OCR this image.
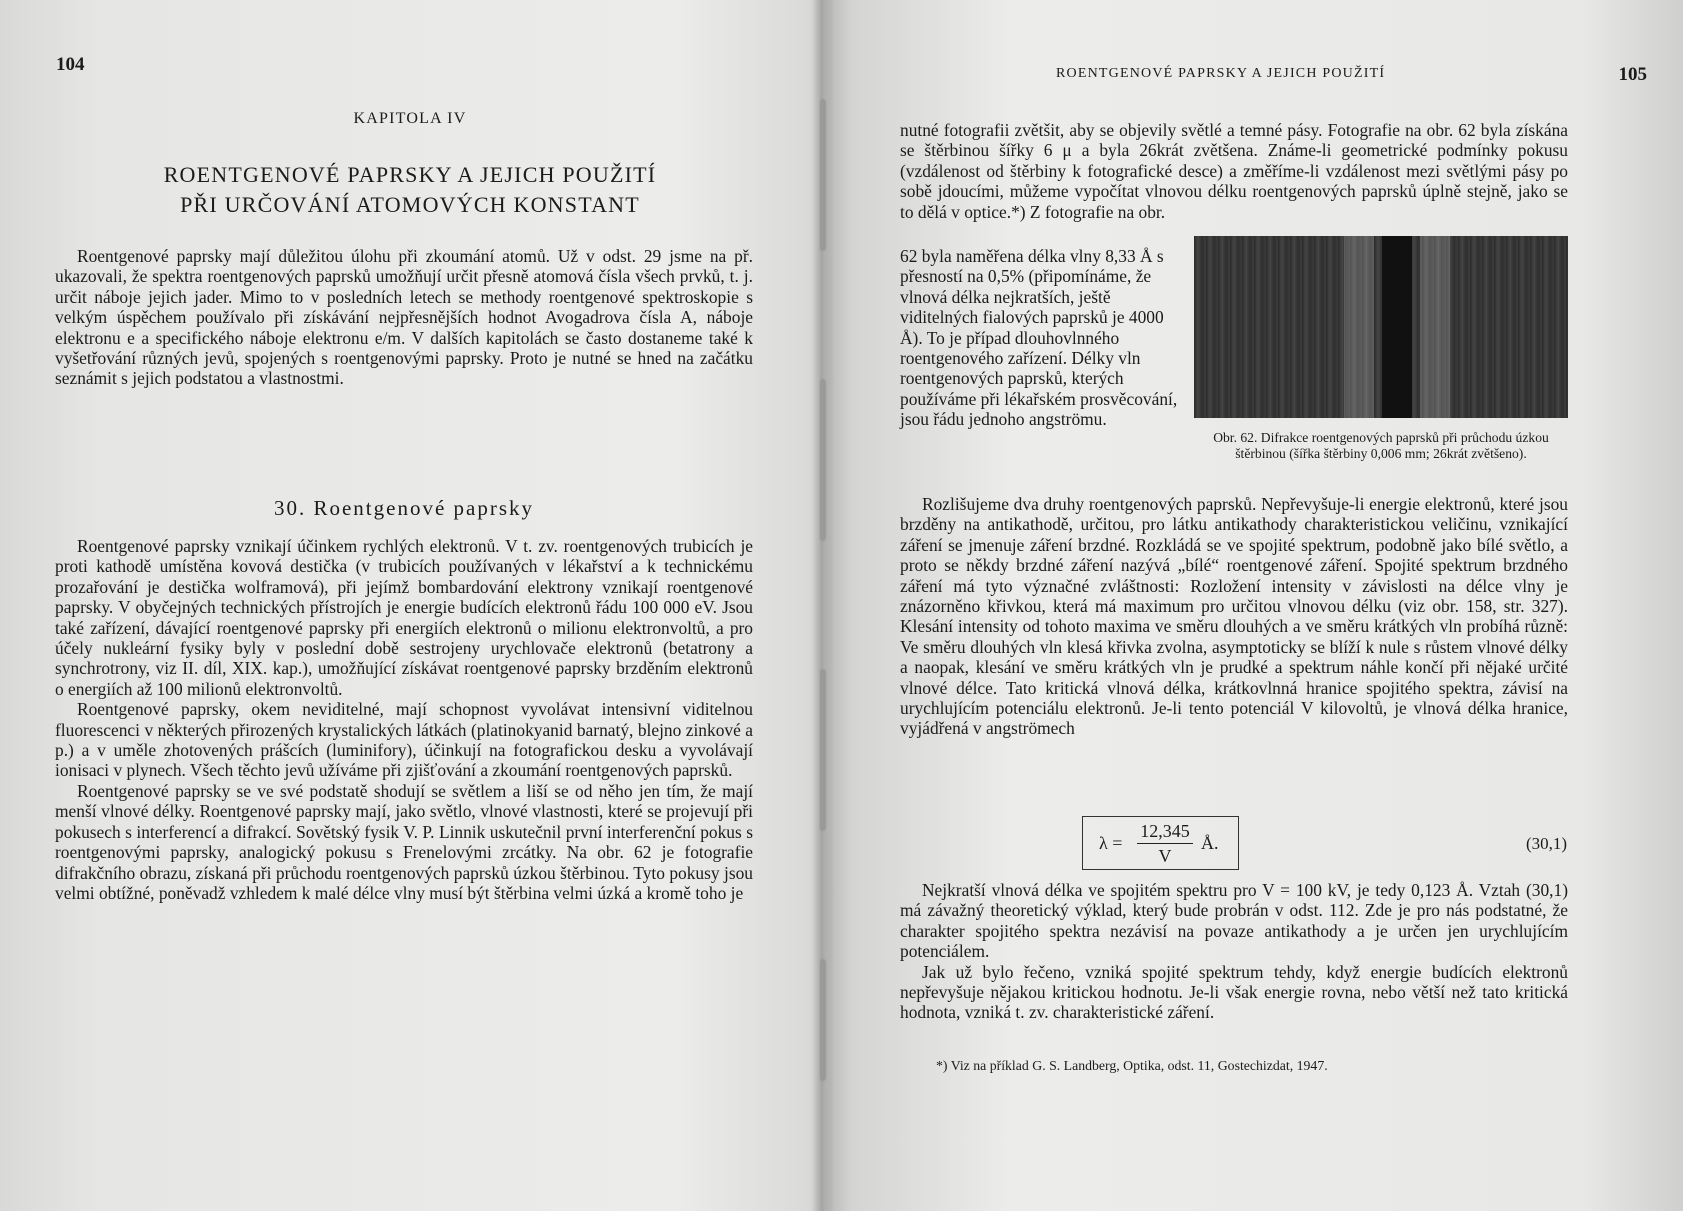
104
KAPITOLA IV
ROENTGENOVÉ PAPRSKY A JEJICH POUŽITÍ
PŘI URČOVÁNÍ ATOMOVÝCH KONSTANT

Roentgenové paprsky mají důležitou úlohu při zkoumání atomů. Už v odst. 29 jsme na př. ukazovali, že spektra roentgenových paprsků umožňují určit přesně atomová čísla všech prvků, t. j. určit náboje jejich jader. Mimo to v posledních letech se methody roentgenové spektroskopie s velkým úspěchem používalo při získávání nejpřesnějších hodnot Avogadrova čísla A, náboje elektronu e a specifického náboje elektronu e/m. V dalších kapitolách se často dostaneme také k vyšetřování různých jevů, spojených s roentgenovými paprsky. Proto je nutné se hned na začátku seznámit s jejich podstatou a vlastnostmi.

30. Roentgenové paprsky

Roentgenové paprsky vznikají účinkem rychlých elektronů. V t. zv. roentgenových trubicích je proti kathodě umístěna kovová destička (v trubicích používaných v lékařství a k technickému prozařování je destička wolframová), při jejímž bombardování elektrony vznikají roentgenové paprsky. V obyčejných technických přístrojích je energie budících elektronů řádu 100 000 eV. Jsou také zařízení, dávající roentgenové paprsky při energiích elektronů o milionu elektronvoltů, a pro účely nukleární fysiky byly v poslední době sestrojeny urychlovače elektronů (betatrony a synchrotrony, viz II. díl, XIX. kap.), umožňující získávat roentgenové paprsky brzděním elektronů o energiích až 100 milionů elektronvoltů.

Roentgenové paprsky, okem neviditelné, mají schopnost vyvolávat intensivní viditelnou fluorescenci v některých přirozených krystalických látkách (platinokyanid barnatý, blejno zinkové a p.) a v uměle zhotovených prášcích (luminifory), účinkují na fotografickou desku a vyvolávají ionisaci v plynech. Všech těchto jevů užíváme při zjišťování a zkoumání roentgenových paprsků.

Roentgenové paprsky se ve své podstatě shodují se světlem a liší se od něho jen tím, že mají menší vlnové délky. Roentgenové paprsky mají, jako světlo, vlnové vlastnosti, které se projevují při pokusech s interferencí a difrakcí. Sovětský fysik V. P. Linnik uskutečnil první interferenční pokus s roentgenovými paprsky, analogický pokusu s Frenelovými zrcátky. Na obr. 62 je fotografie difrakčního obrazu, získaná při průchodu roentgenových paprsků úzkou štěrbinou. Tyto pokusy jsou velmi obtížné, poněvadž vzhledem k malé délce vlny musí být štěrbina velmi úzká a kromě toho je

ROENTGENOVÉ PAPRSKY A JEJICH POUŽITÍ	105

nutné fotografii zvětšit, aby se objevily světlé a temné pásy. Fotografie na obr. 62 byla získána se štěrbinou šířky 6 μ a byla 26krát zvětšena. Známe-li geometrické podmínky pokusu (vzdálenost od štěrbiny k fotografické desce) a změříme-li vzdálenost mezi světlými pásy po sobě jdoucími, můžeme vypočítat vlnovou délku roentgenových paprsků úplně stejně, jako se to dělá v optice.*) Z fotografie na obr.

62 byla naměřena délka vlny 8,33 Å s přesností na 0,5% (připomínáme, že vlnová délka nejkratších, ještě viditelných fialových paprsků je 4000 Å). To je případ dlouhovlnného roentgenového zařízení. Délky vln roentgenových paprsků, kterých používáme při lékařském prosvěcování, jsou řádu jednoho angströmu.

Obr. 62. Difrakce roentgenových paprsků při průchodu úzkou štěrbinou (šířka štěrbiny 0,006 mm; 26krát zvětšeno).

Rozlišujeme dva druhy roentgenových paprsků. Nepřevyšuje-li energie elektronů, které jsou brzděny na antikathodě, určitou, pro látku antikathody charakteristickou veličinu, vznikající záření se jmenuje záření brzdné. Rozkládá se ve spojité spektrum, podobně jako bílé světlo, a proto se někdy brzdné záření nazývá „bílé“ roentgenové záření. Spojité spektrum brzdného záření má tyto význačné zvláštnosti: Rozložení intensity v závislosti na délce vlny je znázorněno křivkou, která má maximum pro určitou vlnovou délku (viz obr. 158, str. 327). Klesání intensity od tohoto maxima ve směru dlouhých a ve směru krátkých vln probíhá různě: Ve směru dlouhých vln klesá křivka zvolna, asymptoticky se blíží k nule s růstem vlnové délky a naopak, klesání ve směru krátkých vln je prudké a spektrum náhle končí při nějaké určité vlnové délce. Tato kritická vlnová délka, krátkovlnná hranice spojitého spektra, závisí na urychlujícím potenciálu elektronů. Je-li tento potenciál V kilovoltů, je vlnová délka hranice, vyjádřená v angströmech

$\lambda = \frac{12,345}{V}$ Å.	(30,1)

Nejkratší vlnová délka ve spojitém spektru pro V = 100 kV, je tedy 0,123 Å. Vztah (30,1) má závažný theoretický výklad, který bude probrán v odst. 112. Zde je pro nás podstatné, že charakter spojitého spektra nezávisí na povaze antikathody a je určen jen urychlujícím potenciálem.

Jak už bylo řečeno, vzniká spojité spektrum tehdy, když energie budících elektronů nepřevyšuje nějakou kritickou hodnotu. Je-li však energie rovna, nebo větší než tato kritická hodnota, vzniká t. zv. charakteristické záření.

*) Viz na příklad G. S. Landberg, Optika, odst. 11, Gostechizdat, 1947.
